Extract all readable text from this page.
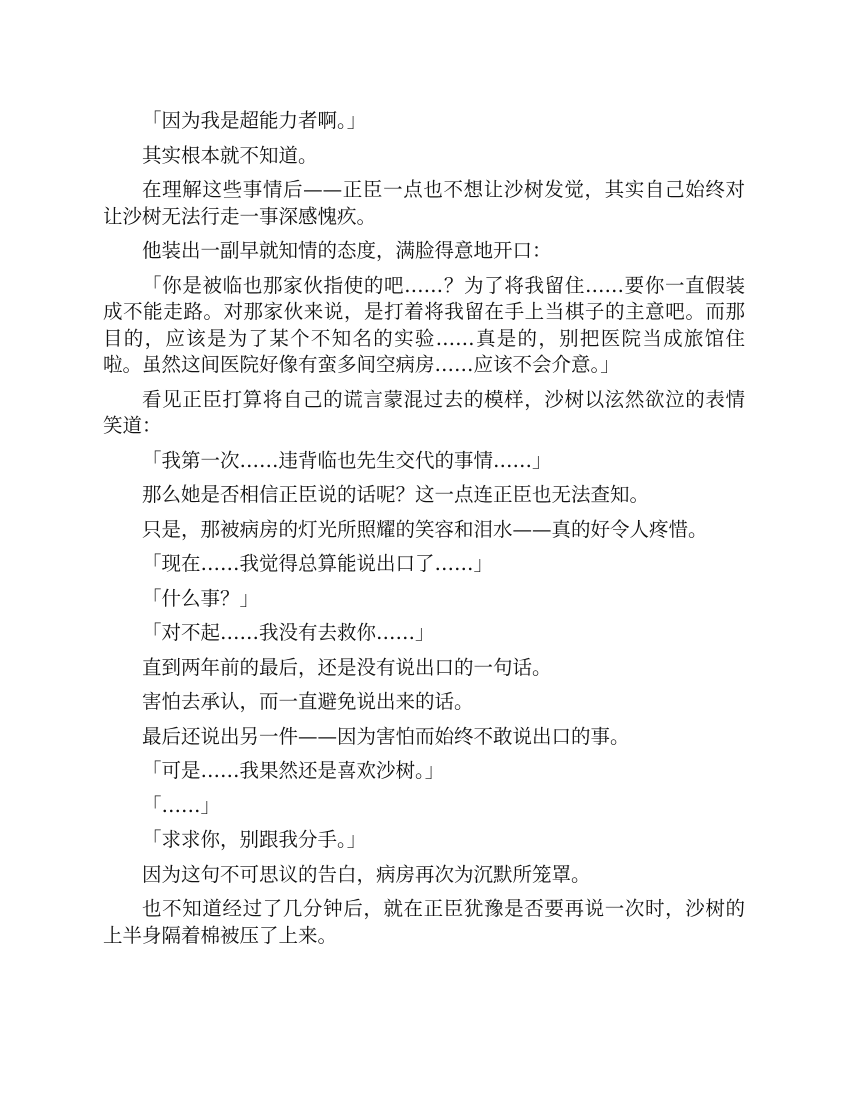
「因为我是超能力者啊。」

其实根本就不知道。

在理解这些事情后——正臣一点也不想让沙树发觉，其实自己始终对让沙树无法行走一事深感愧疚。

他装出一副早就知情的态度，满脸得意地开口：

「你是被临也那家伙指使的吧……？为了将我留住……要你一直假装成不能走路。对那家伙来说，是打着将我留在手上当棋子的主意吧。而那目的，应该是为了某个不知名的实验……真是的，别把医院当成旅馆住啦。虽然这间医院好像有蛮多间空病房……应该不会介意。」

看见正臣打算将自己的谎言蒙混过去的模样，沙树以泫然欲泣的表情笑道：

「我第一次……违背临也先生交代的事情……」

那么她是否相信正臣说的话呢？这一点连正臣也无法查知。

只是，那被病房的灯光所照耀的笑容和泪水——真的好令人疼惜。

「现在……我觉得总算能说出口了……」

「什么事？」

「对不起……我没有去救你……」

直到两年前的最后，还是没有说出口的一句话。

害怕去承认，而一直避免说出来的话。

最后还说出另一件——因为害怕而始终不敢说出口的事。

「可是……我果然还是喜欢沙树。」

「……」

「求求你，别跟我分手。」

因为这句不可思议的告白，病房再次为沉默所笼罩。

也不知道经过了几分钟后，就在正臣犹豫是否要再说一次时，沙树的上半身隔着棉被压了上来。
